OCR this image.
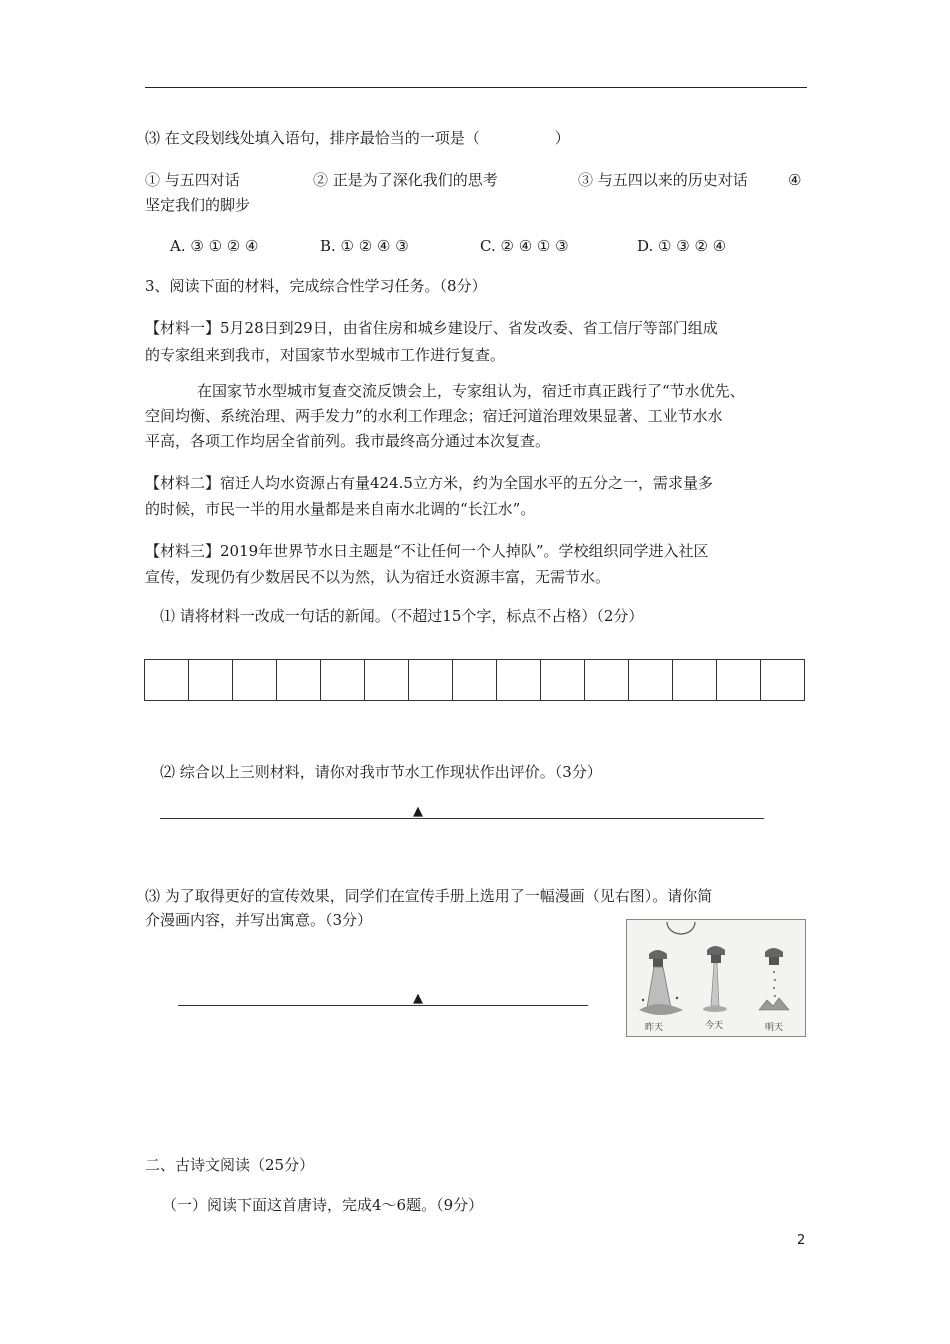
⑶ 在文段划线处填入语句，排序最恰当的一项是（　　　　　）
① 与五四对话	② 正是为了深化我们的思考	③ 与五四以来的历史对话	④
坚定我们的脚步
A. ③ ① ② ④	B. ① ② ④ ③	C. ② ④ ① ③	D. ① ③ ② ④
3、阅读下面的材料，完成综合性学习任务。（8分）
【材料一】5月28日到29日，由省住房和城乡建设厅、省发改委、省工信厅等部门组成
的专家组来到我市，对国家节水型城市工作进行复查。
在国家节水型城市复查交流反馈会上，专家组认为，宿迁市真正践行了“节水优先、
空间均衡、系统治理、两手发力”的水利工作理念；宿迁河道治理效果显著、工业节水水
平高，各项工作均居全省前列。我市最终高分通过本次复查。
【材料二】宿迁人均水资源占有量424.5立方米，约为全国水平的五分之一，需求量多
的时候，市民一半的用水量都是来自南水北调的“长江水”。
【材料三】2019年世界节水日主题是“不让任何一个人掉队”。学校组织同学进入社区
宣传，发现仍有少数居民不以为然，认为宿迁水资源丰富，无需节水。
⑴ 请将材料一改成一句话的新闻。（不超过15个字，标点不占格）（2分）
⑵ 综合以上三则材料，请你对我市节水工作现状作出评价。（3分）
▲
⑶ 为了取得更好的宣传效果，同学们在宣传手册上选用了一幅漫画（见右图）。请你简
介漫画内容，并写出寓意。（3分）
▲
昨天	今天	明天
二、古诗文阅读（25分）
（一）阅读下面这首唐诗，完成4～6题。（9分）
2
